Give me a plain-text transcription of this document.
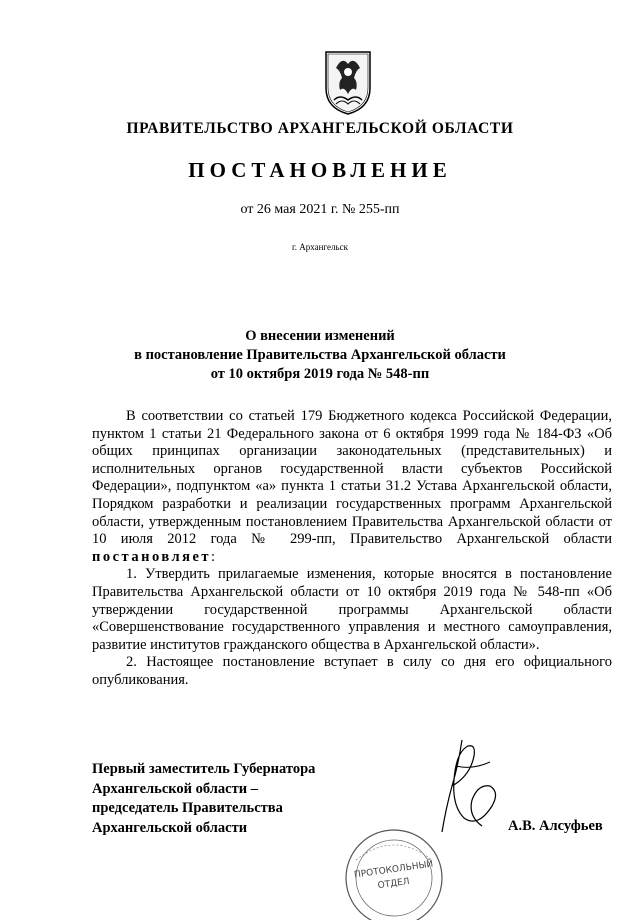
ПРАВИТЕЛЬСТВО АРХАНГЕЛЬСКОЙ ОБЛАСТИ
ПОСТАНОВЛЕНИЕ
от 26 мая 2021 г. № 255-пп
г. Архангельск
О внесении изменений
в постановление Правительства Архангельской области
от 10 октября 2019 года № 548-пп

В соответствии со статьей 179 Бюджетного кодекса Российской Федерации, пунктом 1 статьи 21 Федерального закона от 6 октября 1999 года № 184-ФЗ «Об общих принципах организации законодательных (представительных) и исполнительных органов государственной власти субъектов Российской Федерации», подпунктом «а» пункта 1 статьи 31.2 Устава Архангельской области, Порядком разработки и реализации государственных программ Архангельской области, утвержденным постановлением Правительства Архангельской области от 10 июля 2012 года № 299-пп, Правительство Архангельской области постановляет:

1. Утвердить прилагаемые изменения, которые вносятся в постановление Правительства Архангельской области от 10 октября 2019 года № 548-пп «Об утверждении государственной программы Архангельской области «Совершенствование государственного управления и местного самоуправления, развитие институтов гражданского общества в Архангельской области».

2. Настоящее постановление вступает в силу со дня его официального опубликования.

Первый заместитель Губернатора
Архангельской области –
председатель Правительства
Архангельской области	А.В. Алсуфьев
ПРОТОКОЛЬНЫЙ
ОТДЕЛ
